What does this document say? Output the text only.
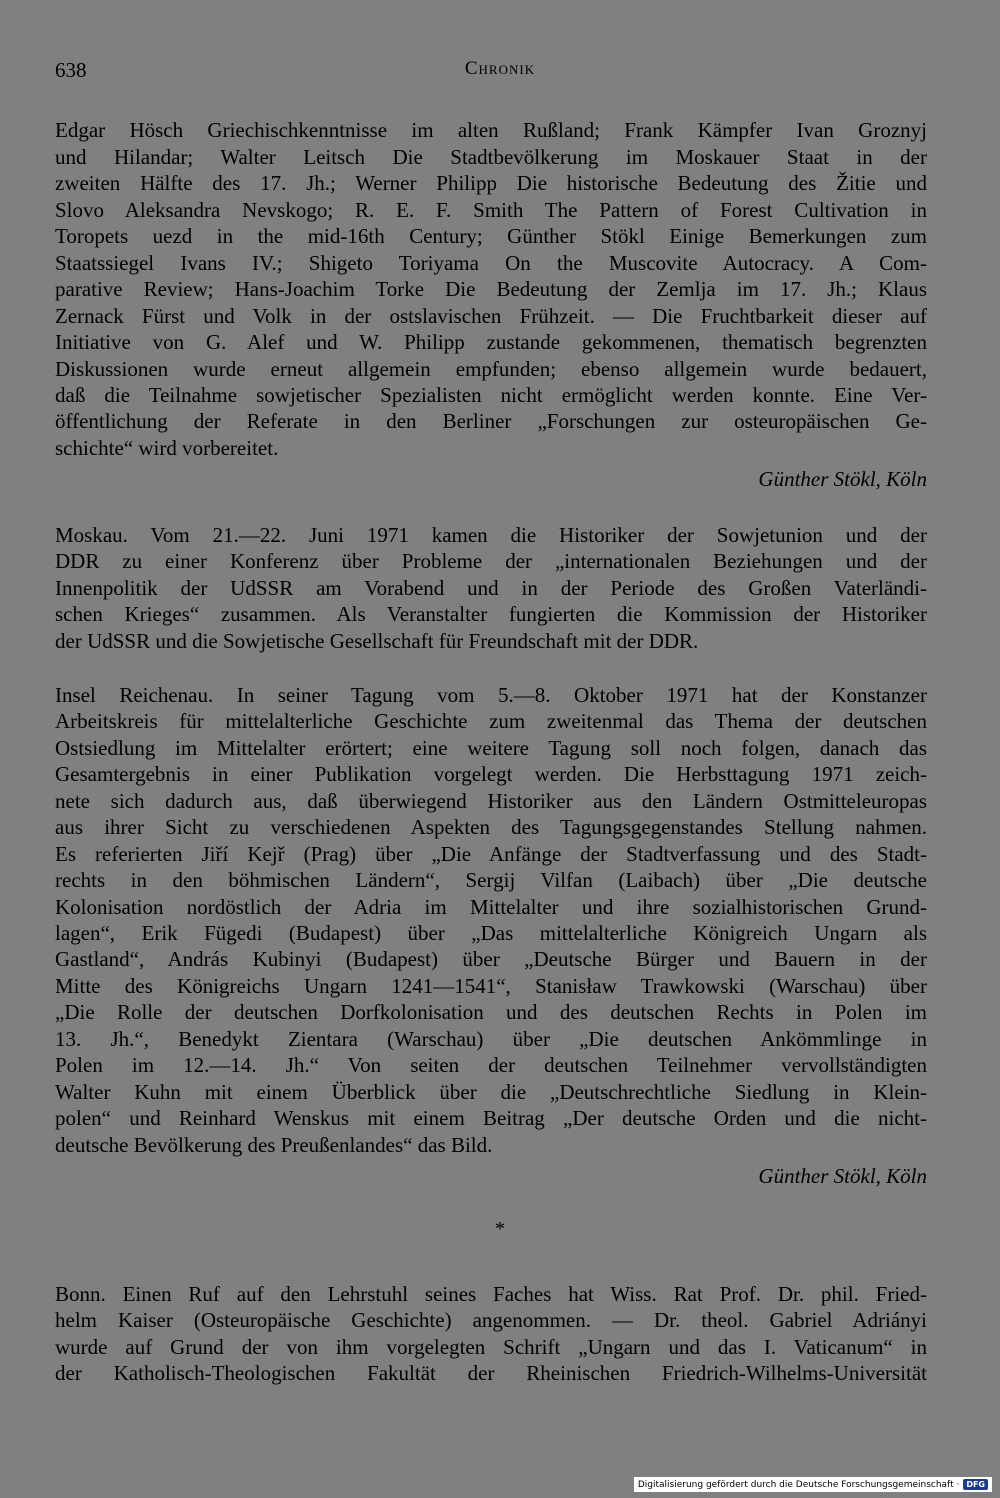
638	Chronik
Edgar Hösch Griechischkenntnisse im alten Rußland; Frank Kämpfer Ivan Groznyj
und Hilandar; Walter Leitsch Die Stadtbevölkerung im Moskauer Staat in der
zweiten Hälfte des 17. Jh.; Werner Philipp Die historische Bedeutung des Žitie und
Slovo Aleksandra Nevskogo; R. E. F. Smith The Pattern of Forest Cultivation in
Toropets uezd in the mid-16th Century; Günther Stökl Einige Bemerkungen zum
Staatssiegel Ivans IV.; Shigeto Toriyama On the Muscovite Autocracy. A Com-
parative Review; Hans-Joachim Torke Die Bedeutung der Zemlja im 17. Jh.; Klaus
Zernack Fürst und Volk in der ostslavischen Frühzeit. — Die Fruchtbarkeit dieser auf
Initiative von G. Alef und W. Philipp zustande gekommenen, thematisch begrenzten
Diskussionen wurde erneut allgemein empfunden; ebenso allgemein wurde bedauert,
daß die Teilnahme sowjetischer Spezialisten nicht ermöglicht werden konnte. Eine Ver-
öffentlichung der Referate in den Berliner „Forschungen zur osteuropäischen Ge-
schichte“ wird vorbereitet.
Moskau. Vom 21.—22. Juni 1971 kamen die Historiker der Sowjetunion und der
DDR zu einer Konferenz über Probleme der „internationalen Beziehungen und der
Innenpolitik der UdSSR am Vorabend und in der Periode des Großen Vaterländi-
schen Krieges“ zusammen. Als Veranstalter fungierten die Kommission der Historiker
der UdSSR und die Sowjetische Gesellschaft für Freundschaft mit der DDR.
Insel Reichenau. In seiner Tagung vom 5.—8. Oktober 1971 hat der Konstanzer
Arbeitskreis für mittelalterliche Geschichte zum zweitenmal das Thema der deutschen
Ostsiedlung im Mittelalter erörtert; eine weitere Tagung soll noch folgen, danach das
Gesamtergebnis in einer Publikation vorgelegt werden. Die Herbsttagung 1971 zeich-
nete sich dadurch aus, daß überwiegend Historiker aus den Ländern Ostmitteleuropas
aus ihrer Sicht zu verschiedenen Aspekten des Tagungsgegenstandes Stellung nahmen.
Es referierten Jiří Kejř (Prag) über „Die Anfänge der Stadtverfassung und des Stadt-
rechts in den böhmischen Ländern“, Sergij Vilfan (Laibach) über „Die deutsche
Kolonisation nordöstlich der Adria im Mittelalter und ihre sozialhistorischen Grund-
lagen“, Erik Fügedi (Budapest) über „Das mittelalterliche Königreich Ungarn als
Gastland“, András Kubinyi (Budapest) über „Deutsche Bürger und Bauern in der
Mitte des Königreichs Ungarn 1241—1541“, Stanisław Trawkowski (Warschau) über
„Die Rolle der deutschen Dorfkolonisation und des deutschen Rechts in Polen im
13. Jh.“, Benedykt Zientara (Warschau) über „Die deutschen Ankömmlinge in
Polen im 12.—14. Jh.“ Von seiten der deutschen Teilnehmer vervollständigten
Walter Kuhn mit einem Überblick über die „Deutschrechtliche Siedlung in Klein-
polen“ und Reinhard Wenskus mit einem Beitrag „Der deutsche Orden und die nicht-
deutsche Bevölkerung des Preußenlandes“ das Bild.
Bonn. Einen Ruf auf den Lehrstuhl seines Faches hat Wiss. Rat Prof. Dr. phil. Fried-
helm Kaiser (Osteuropäische Geschichte) angenommen. — Dr. theol. Gabriel Adriányi
wurde auf Grund der von ihm vorgelegten Schrift „Ungarn und das I. Vaticanum“ in
der Katholisch-Theologischen Fakultät der Rheinischen Friedrich-Wilhelms-Universität
Günther Stökl, Köln
Günther Stökl, Köln
*
Digitalisierung gefördert durch die Deutsche Forschungsgemeinschaft · DFG
